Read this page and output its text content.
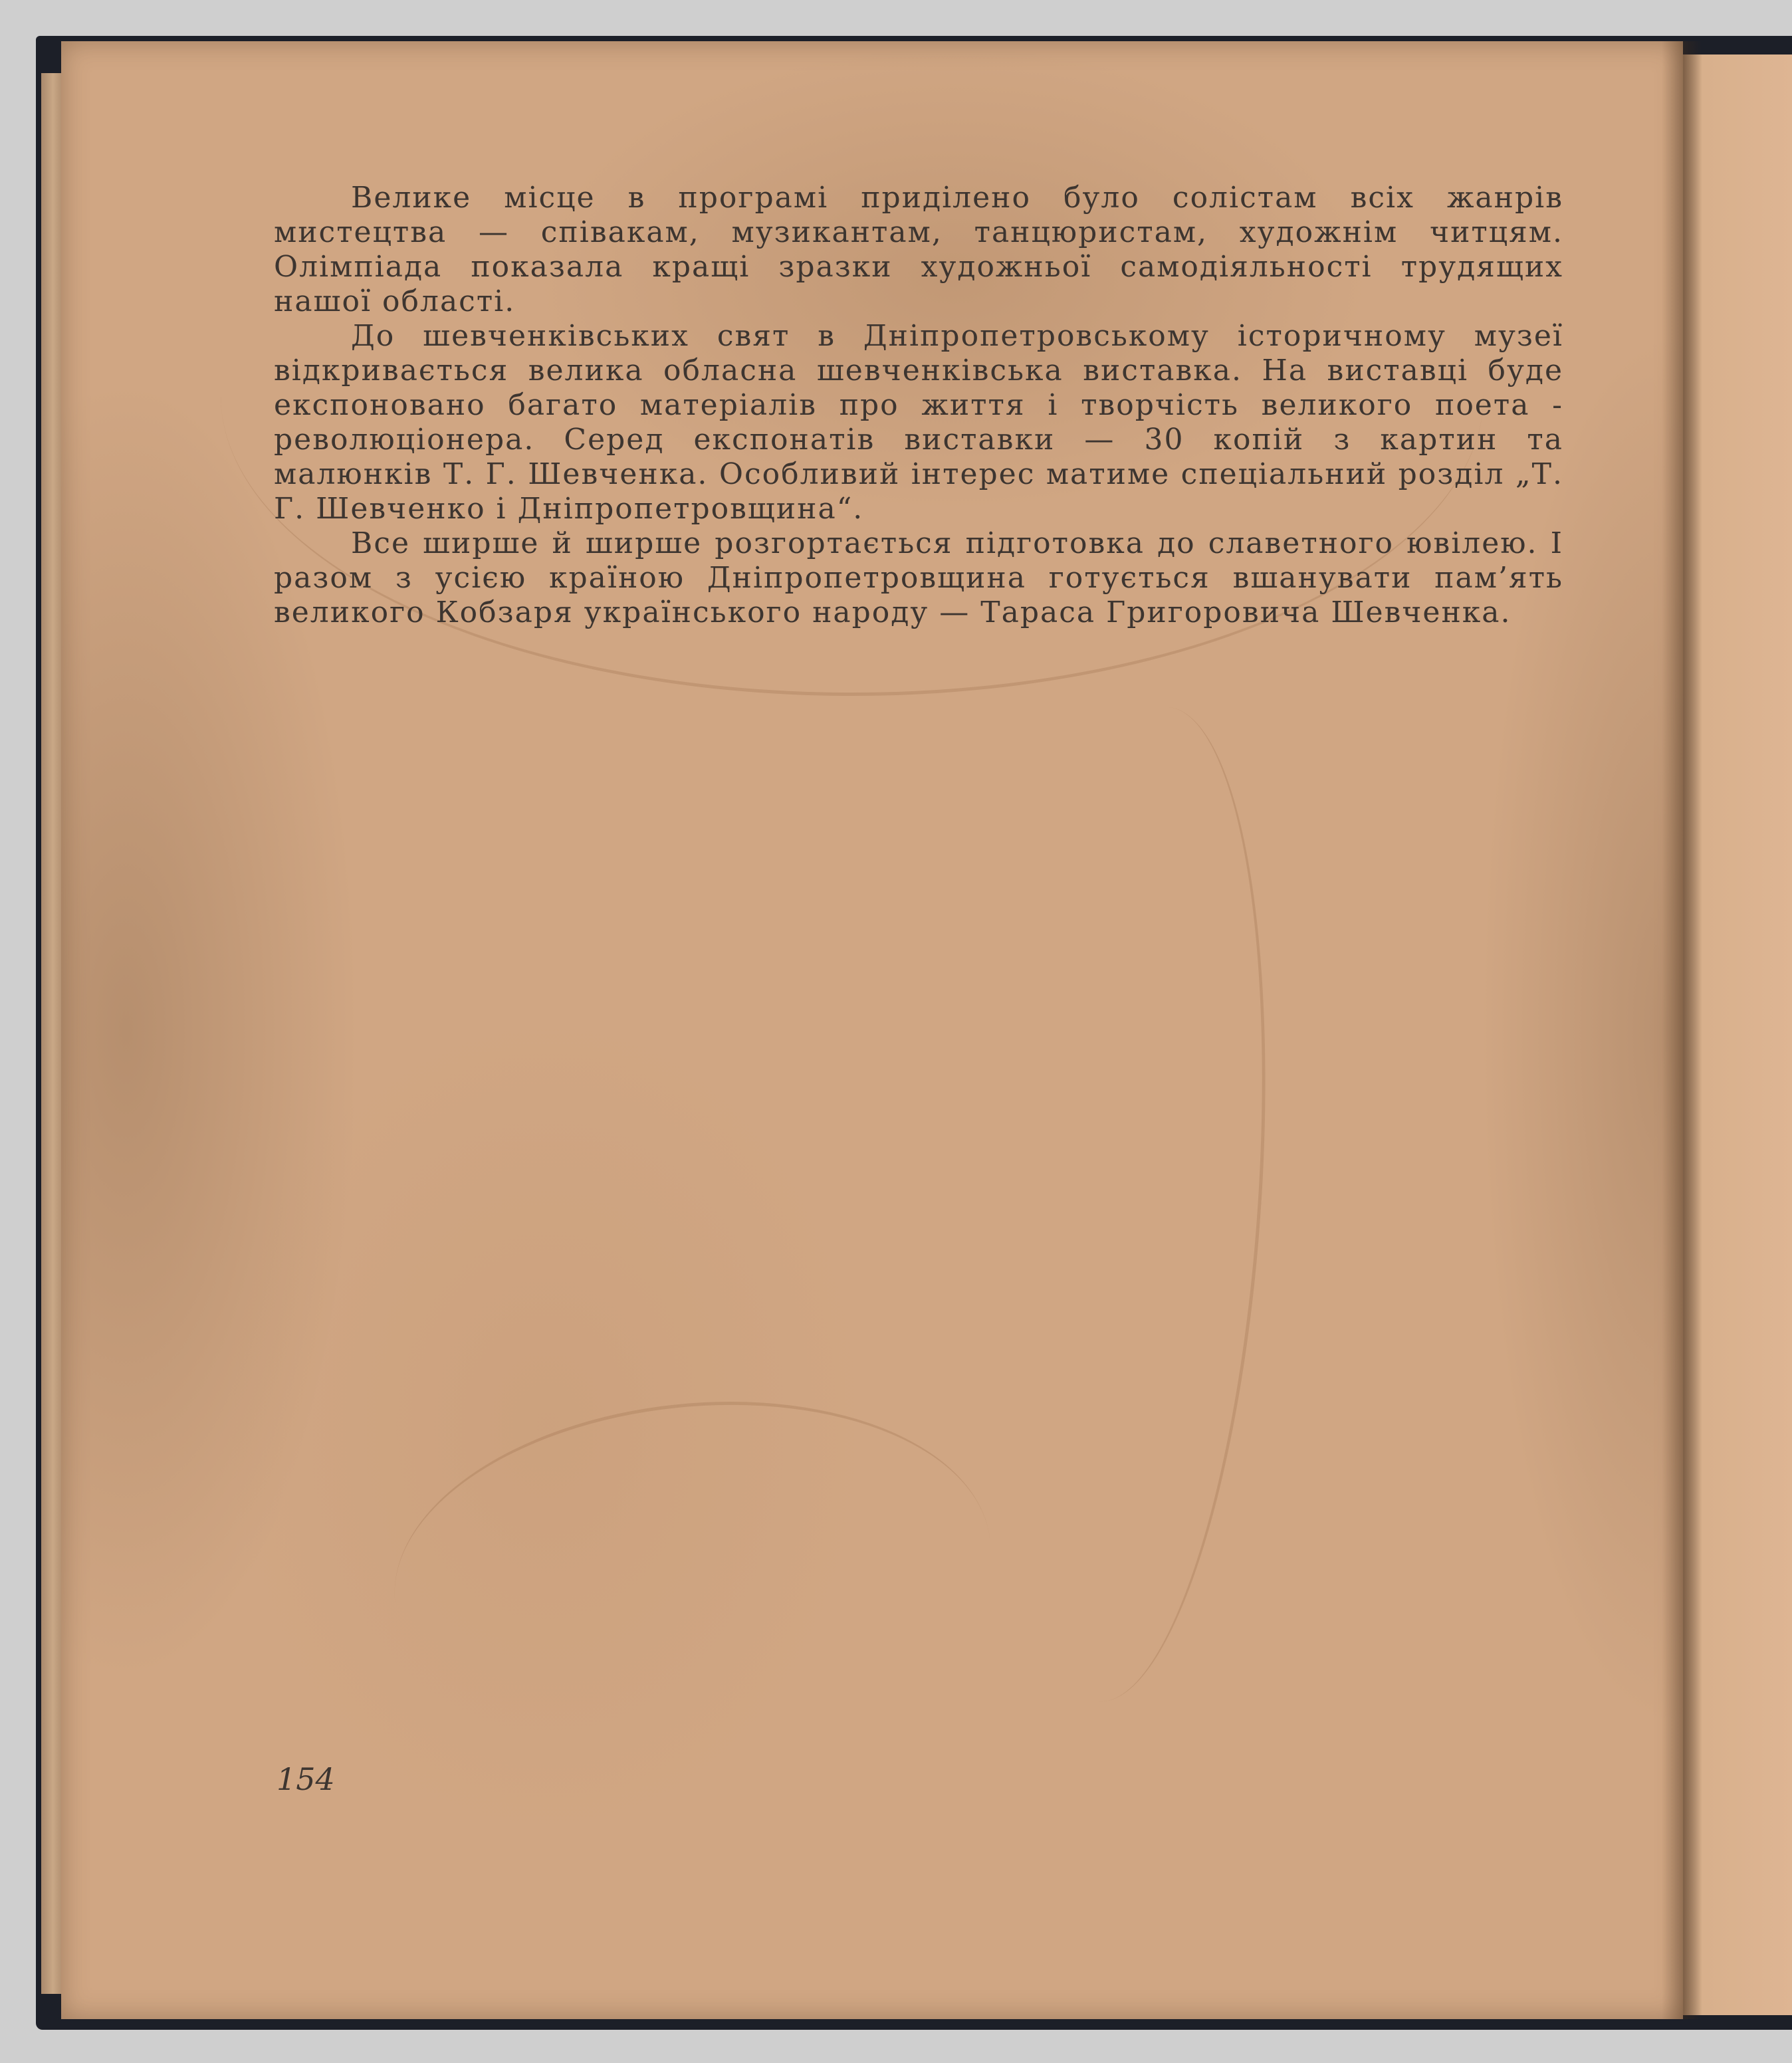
Велике місце в програмі приділено було солістам всіх жанрів мистецтва — співакам, музикантам, танцюристам, художнім читцям. Олімпіада показала кращі зразки художньої самодіяльності трудящих нашої області.

До шевченківських свят в Дніпропетровському історичному музеї відкривається велика обласна шевченківська виставка. На виставці буде експоновано багато матеріалів про життя і творчість великого поета - революціонера. Серед експонатів виставки — 30 копій з картин та малюнків Т. Г. Шевченка. Особливий інтерес матиме спеціальний розділ „Т. Г. Шевченко і Дніпропетровщина“.

Все ширше й ширше розгортається підготовка до славетного ювілею. І разом з усією країною Дніпропетровщина готується вшанувати пам’ять великого Кобзаря українського народу — Тараса Григоровича Шевченка.

154
